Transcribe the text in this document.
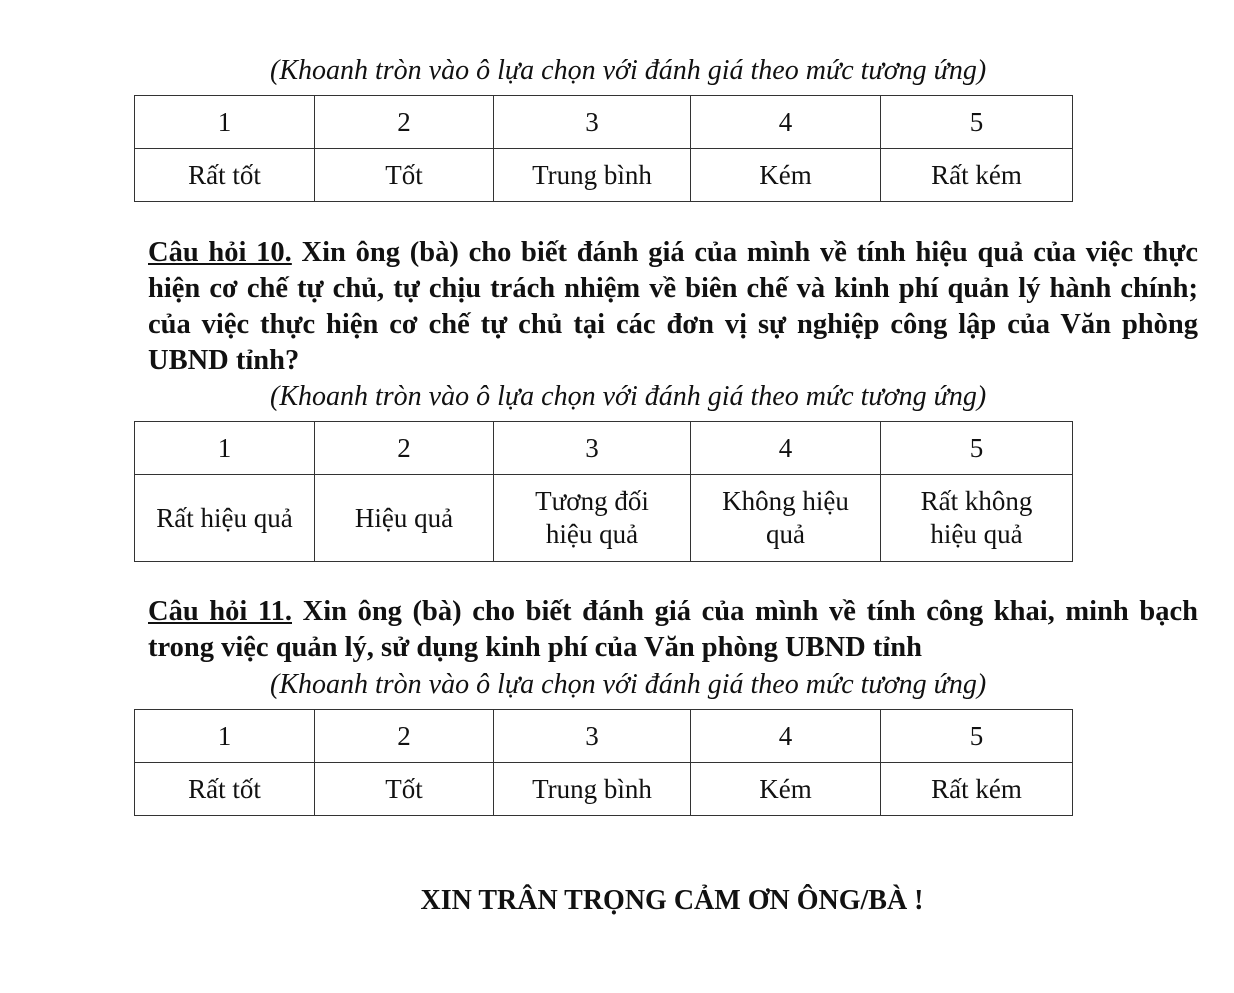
(Khoanh tròn vào ô lựa chọn với đánh giá theo mức tương ứng)
1	2	3	4	5
Rất tốt	Tốt	Trung bình	Kém	Rất kém
Câu hỏi 10. Xin ông (bà) cho biết đánh giá của mình về tính hiệu quả của việc thực hiện cơ chế tự chủ, tự chịu trách nhiệm về biên chế và kinh phí quản lý hành chính; của việc thực hiện cơ chế tự chủ tại các đơn vị sự nghiệp công lập của Văn phòng UBND tỉnh?
(Khoanh tròn vào ô lựa chọn với đánh giá theo mức tương ứng)
1	2	3	4	5
Rất hiệu quả	Hiệu quả	Tương đối hiệu quả	Không hiệu quả	Rất không hiệu quả
Câu hỏi 11. Xin ông (bà) cho biết đánh giá của mình về tính công khai, minh bạch trong việc quản lý, sử dụng kinh phí của Văn phòng UBND tỉnh
(Khoanh tròn vào ô lựa chọn với đánh giá theo mức tương ứng)
1	2	3	4	5
Rất tốt	Tốt	Trung bình	Kém	Rất kém
XIN TRÂN TRỌNG CẢM ƠN ÔNG/BÀ !
